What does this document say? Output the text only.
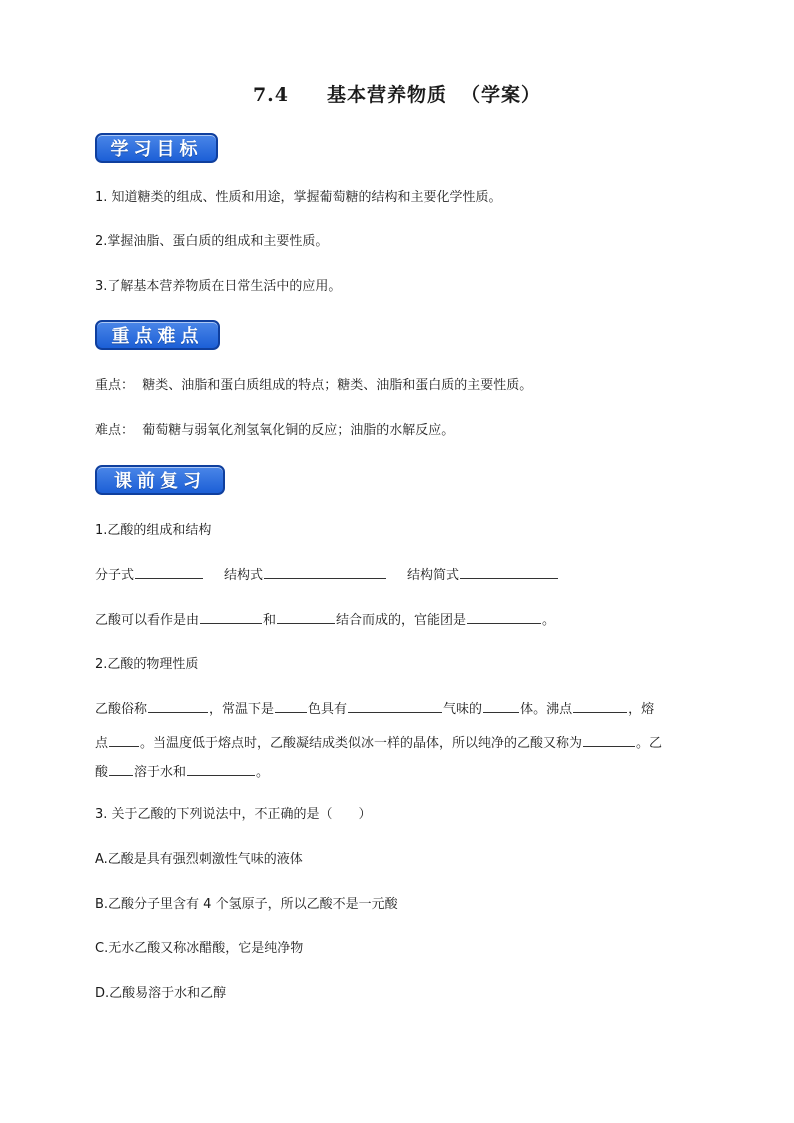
7.4 基本营养物质 （学案）
学习目标
1. 知道糖类的组成、性质和用途，掌握葡萄糖的结构和主要化学性质。
2.掌握油脂、蛋白质的组成和主要性质。
3.了解基本营养物质在日常生活中的应用。
重点难点
重点： 糖类、油脂和蛋白质组成的特点；糖类、油脂和蛋白质的主要性质。
难点： 葡萄糖与弱氧化剂氢氧化铜的反应；油脂的水解反应。
课前复习
1.乙酸的组成和结构
分子式	结构式	结构简式
乙酸可以看作是由	和	结合而成的，官能团是	。
2.乙酸的物理性质
乙酸俗称	，常温下是	色具有	气味的	体。沸点	，熔
点 。当温度低于熔点时，乙酸凝结成类似冰一样的晶体，所以纯净的乙酸又称为	。乙
酸 溶于水和	。
3. 关于乙酸的下列说法中，不正确的是（　　）
A.乙酸是具有强烈刺激性气味的液体
B.乙酸分子里含有 4 个氢原子，所以乙酸不是一元酸
C.无水乙酸又称冰醋酸，它是纯净物
D.乙酸易溶于水和乙醇
